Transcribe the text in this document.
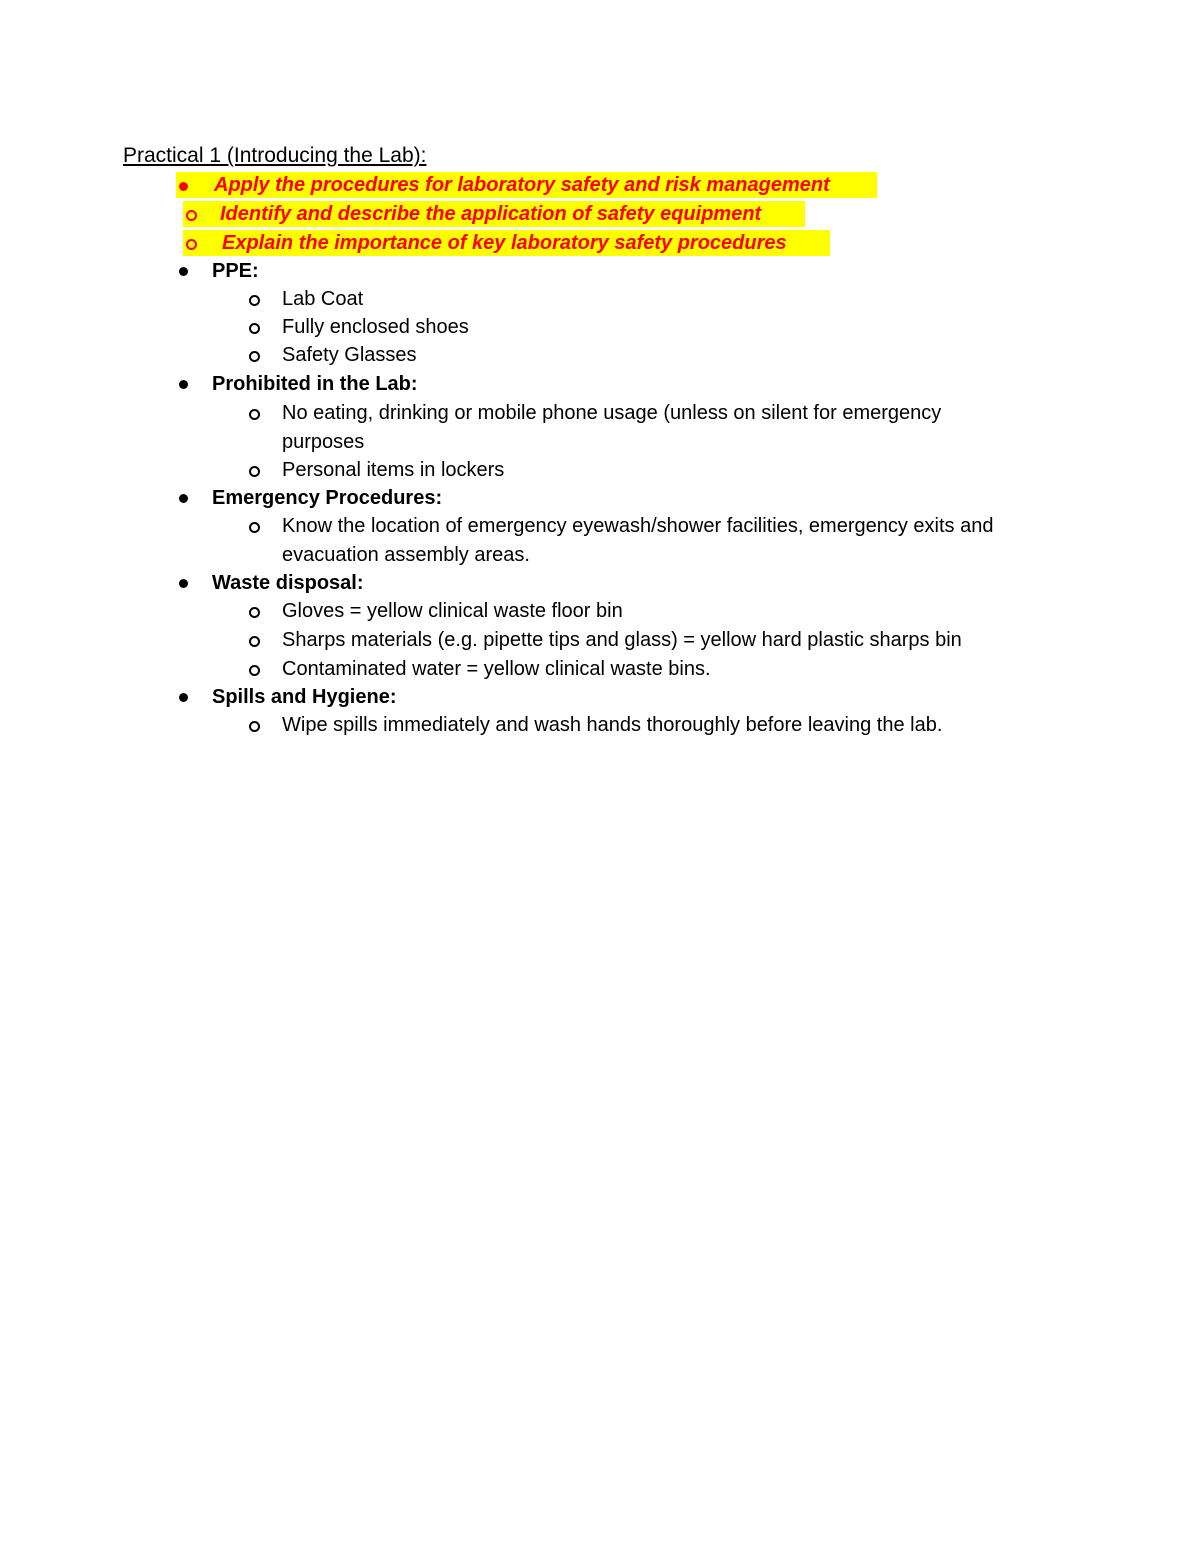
Practical 1 (Introducing the Lab):
Apply the procedures for laboratory safety and risk management
Identify and describe the application of safety equipment
Explain the importance of key laboratory safety procedures
PPE:
Lab Coat
Fully enclosed shoes
Safety Glasses
Prohibited in the Lab:
No eating, drinking or mobile phone usage (unless on silent for emergency
purposes
Personal items in lockers
Emergency Procedures:
Know the location of emergency eyewash/shower facilities, emergency exits and
evacuation assembly areas.
Waste disposal:
Gloves = yellow clinical waste floor bin
Sharps materials (e.g. pipette tips and glass) = yellow hard plastic sharps bin
Contaminated water = yellow clinical waste bins.
Spills and Hygiene:
Wipe spills immediately and wash hands thoroughly before leaving the lab.
